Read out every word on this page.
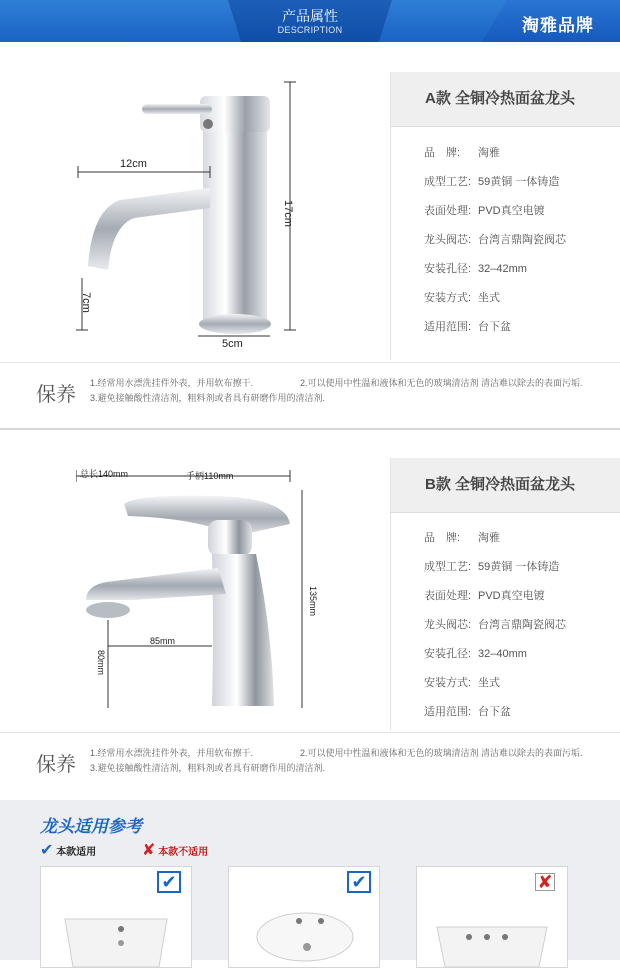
产品属性
DESCRIPTION	淘雅品牌
12cm
17cm
7cm
5cm
A款 全铜冷热面盆龙头
品　牌: 淘雅
成型工艺: 59黄铜 一体铸造
表面处理: PVD真空电镀
龙头阀芯: 台湾言鼎陶瓷阀芯
安装孔径: 32–42mm
安装方式: 坐式
适用范围: 台下盆
保养
1.经常用水漂洗挂件外表，并用软布擦干.	2.可以使用中性温和液体和无色的玻璃清洁剂 清洁难以除去的表面污垢.
3.避免接触酸性清洁剂，粗料剂或者具有研磨作用的清洁剂.
总长140mm	手柄110mm
135mm
85mm
80mm
B款 全铜冷热面盆龙头
品　牌: 淘雅
成型工艺: 59黄铜 一体铸造
表面处理: PVD真空电镀
龙头阀芯: 台湾言鼎陶瓷阀芯
安装孔径: 32–40mm
安装方式: 坐式
适用范围: 台下盆
保养
1.经常用水漂洗挂件外表，并用软布擦干.	2.可以使用中性温和液体和无色的玻璃清洁剂 清洁难以除去的表面污垢.
3.避免接触酸性清洁剂，粗料剂或者具有研磨作用的清洁剂.
龙头适用参考
✔ 本款适用	✘ 本款不适用
✔	✔	✘
